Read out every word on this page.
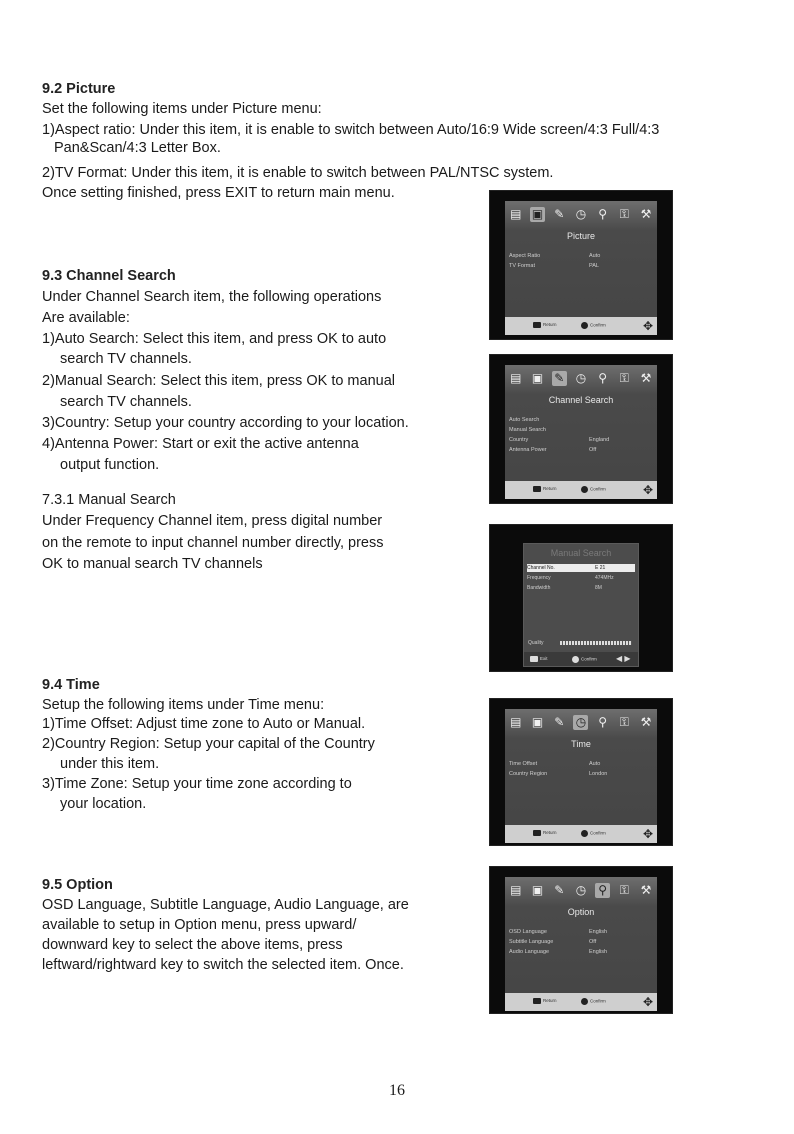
9.2 Picture
Set the following items under Picture menu:
1)Aspect ratio: Under this item, it is enable to switch between Auto/16:9 Wide screen/4:3 Full/4:3
Pan&Scan/4:3 Letter Box.
2)TV Format: Under this item, it is enable to switch between PAL/NTSC system.
Once setting finished, press EXIT to return main menu.
9.3 Channel Search
Under Channel Search item, the following operations
Are available:
1)Auto Search: Select this item, and press OK to auto
search TV channels.
2)Manual Search: Select this item, press OK to manual
search TV channels.
3)Country: Setup your country according to your location.
4)Antenna Power: Start or exit the active antenna
output function.
7.3.1 Manual Search
Under Frequency Channel item, press digital number
on the remote to input channel number directly, press
OK to manual search TV channels
9.4 Time
Setup the following items under Time menu:
1)Time Offset: Adjust time zone to Auto or Manual.
2)Country Region: Setup your capital of the Country
under this item.
3)Time Zone: Setup your time zone according to
your location.
9.5 Option
OSD Language, Subtitle Language, Audio Language, are
available to setup in Option menu, press upward/
downward key to select the above items, press
leftward/rightward key to switch the selected item. Once.
▤ ▣ ✎ ◷ ⚲ ⚿ ⚒
Picture
Aspect Ratio	Auto
TV Format	PAL
Return	Confirm	✥
▤ ▣ ✎ ◷ ⚲ ⚿ ⚒
Channel Search
Auto Search
Manual Search
Country	England
Antenna Power	Off
Return	Confirm	✥
Manual Search
Channel No.	E 21
Frequency	474MHz
Bandwidth	8M
Quality
Exit	Confirm ◀ ▶
▤ ▣ ✎ ◷ ⚲ ⚿ ⚒
Time
Time Offset	Auto
Country Region	London
Return	Confirm	✥
▤ ▣ ✎ ◷ ⚲ ⚿ ⚒
Option
OSD Language	English
Subtitle Language	Off
Audio Language	English
Return	Confirm	✥
16
